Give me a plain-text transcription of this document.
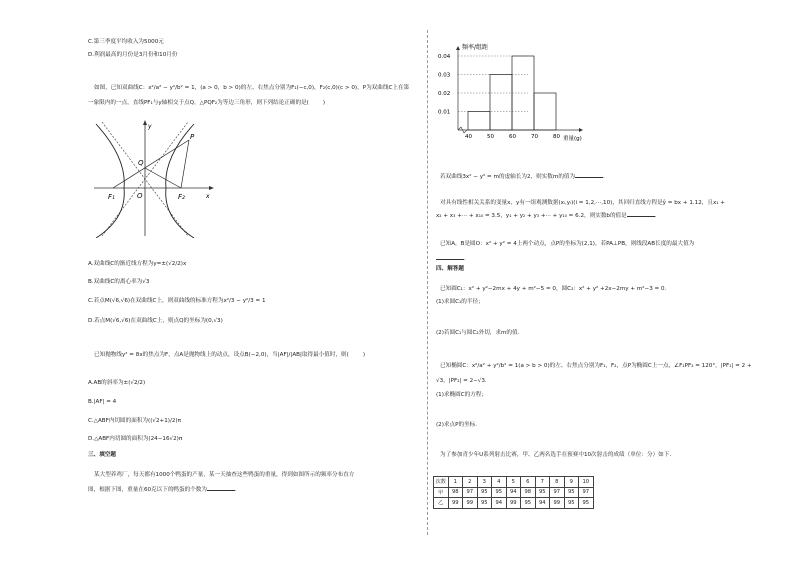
C.第三季度平均收入为5000元
D.利润最高的月份是3月份和10月份
如图，已知双曲线C：x²/a² − y²/b² = 1，(a > 0，b > 0)的左、右焦点分别为F₁(−c,0)，F₂(c,0)(c > 0)，P为双曲线C上在第
一象限内的一点，直线PF₁与y轴相交于点Q，△PQF₂为等边三角形，则下列结论正确的是(	)
y
x
Q
P
O
F₁	F₂
A.双曲线C的渐近线方程为y=±(√2/2)x
B.双曲线C的离心率为√3
C.若点M(√6,√6)在双曲线C上，则双曲线的标准方程为x²/3 − y²/3 = 1
D.若点M(√6,√6)在双曲线C上，则点Q的坐标为(0,√3)
已知抛物线y² = 8x的焦点为F，点A是抛物线上的动点，设点B(−2,0)，当|AF|/|AB|取得最小值时，则(	)
A.AB的斜率为±(√2/2)
B.|AF| = 4
C.△ABF内切圆的面积为((√2+1)/2)π
D.△ABF内切圆的面积为(24−16√2)π
三、填空题
某大型养鸡厂，每天都有1000个鸭蛋的产量，某一天抽查这些鸭蛋的重量，得到如图所示的频率分布直方
图，根据下图，重量在60克以下的鸭蛋的个数为	.
频率/组距
重量(g)
0.01
0.02
0.03
0.04
40	50	60	70	80
若双曲线3x² − y² = m的虚轴长为2，则实数m的值为	.
对具有线性相关关系的变量x，y有一组观测数据(xᵢ,yᵢ)(i = 1,2,···,10)，其回归直线方程是ŷ = bx + 1.12，且x₁ +
x₂ + x₃ +··· + x₁₀ = 3.5，y₁ + y₂ + y₃ +··· + y₁₀ = 6.2，则实数b的值是	.
已知A，B是圆O：x² + y² = 4上两个动点，点P的坐标为(2,1)，若PA⊥PB，则线段AB长度的最大值为
.
四、解答题
已知圆C₁：x² + y²−2mx + 4y + m²−5 = 0，圆C₂：x² + y² +2x−2my + m²−3 = 0.
(1)求圆C₁的半径；
(2)若圆C₁与圆C₂外切，求m的值.
已知椭圆C：x²/a² + y²/b² = 1(a > b > 0)的左、右焦点分别为F₁，F₂，点P为椭圆C上一点，∠F₁PF₂ = 120°，|PF₁| = 2 +
√3，|PF₂| = 2−√3.
(1)求椭圆C的方程；
(2)求点P的坐标.
为了参加青少年U系列射击比赛，甲、乙两名选手在预赛中10次射击的成绩（单位：分）如下.
次数	1	2	3	4	5	6	7	8	9	10
甲	98	97	95	95	94	98	95	97	95	97
乙	99	99	95	94	99	95	94	99	95	95
